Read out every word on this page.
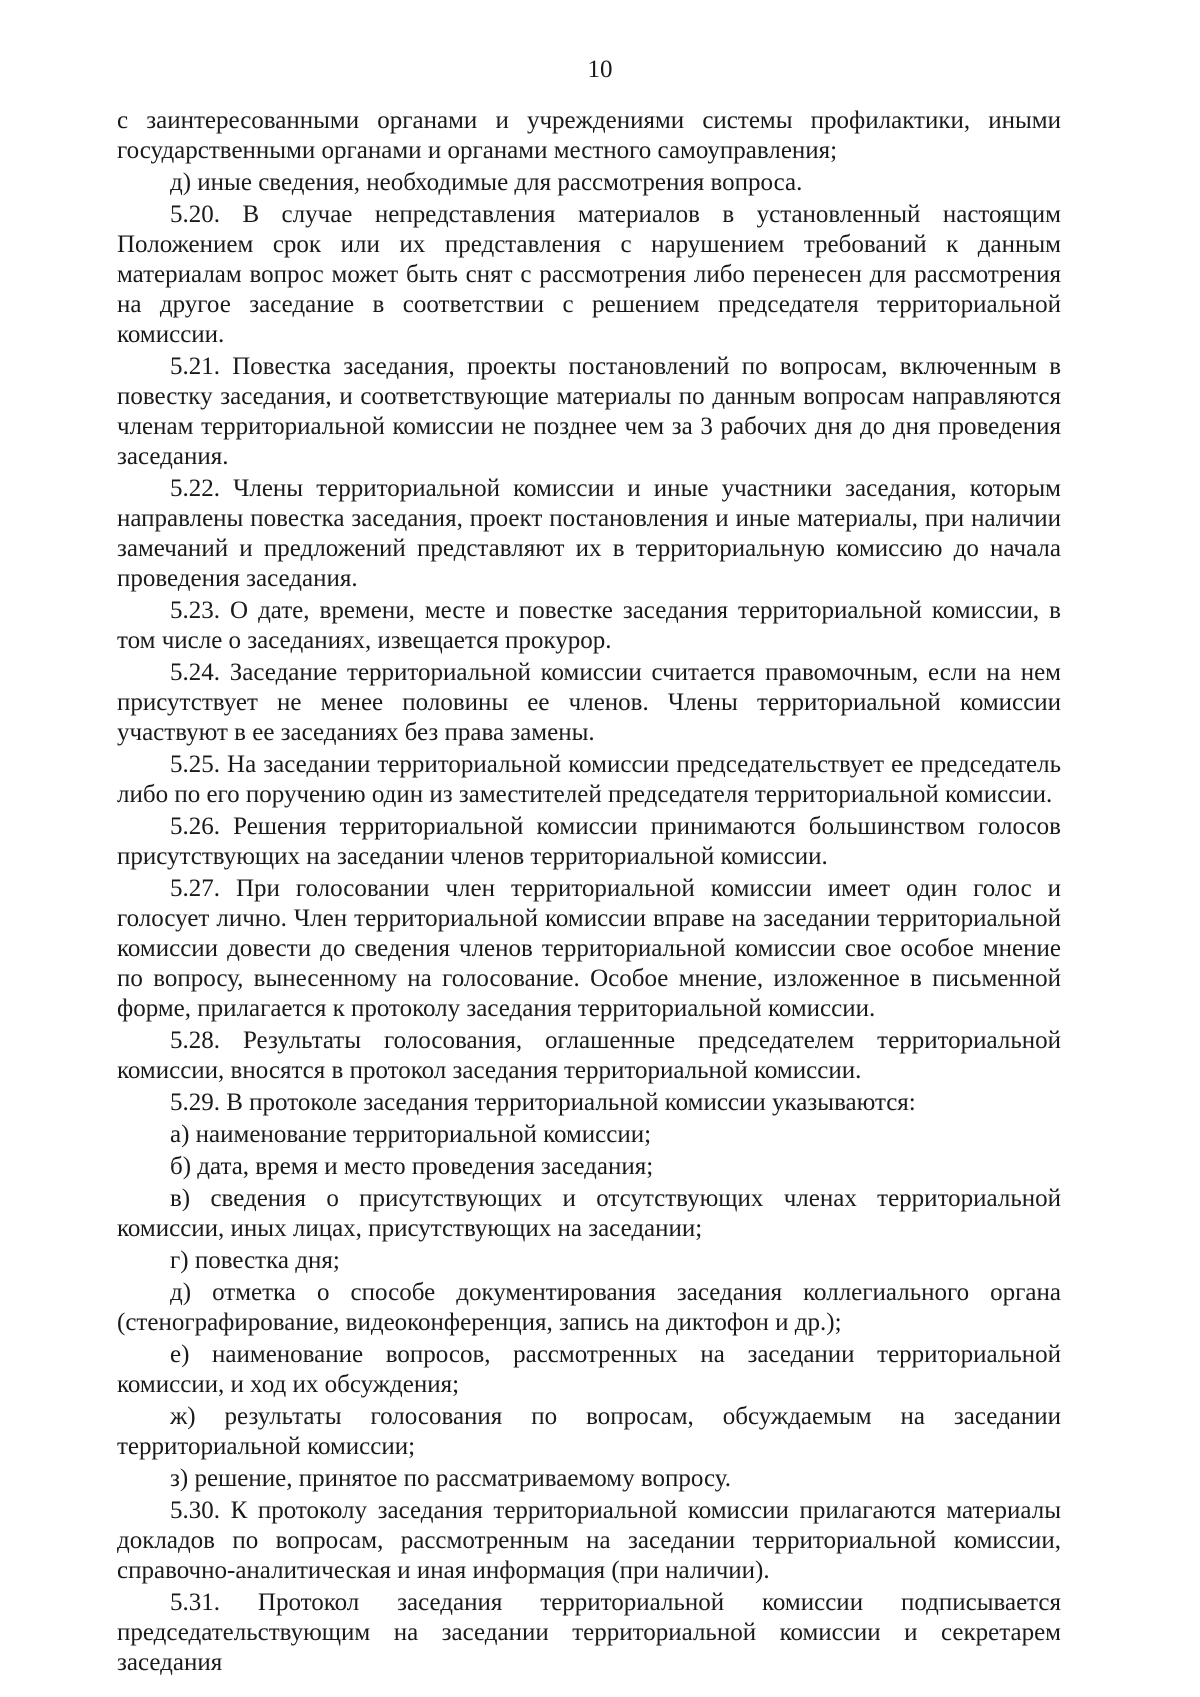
10

с заинтересованными органами и учреждениями системы профилактики, иными государственными органами и органами местного самоуправления;

д) иные сведения, необходимые для рассмотрения вопроса.

5.20. В случае непредставления материалов в установленный настоящим Положением срок или их представления с нарушением требований к данным материалам вопрос может быть снят с рассмотрения либо перенесен для рассмотрения на другое заседание в соответствии с решением председателя территориальной комиссии.

5.21. Повестка заседания, проекты постановлений по вопросам, включенным в повестку заседания, и соответствующие материалы по данным вопросам направляются членам территориальной комиссии не позднее чем за 3 рабочих дня до дня проведения заседания.

5.22. Члены территориальной комиссии и иные участники заседания, которым направлены повестка заседания, проект постановления и иные материалы, при наличии замечаний и предложений представляют их в территориальную комиссию до начала проведения заседания.

5.23. О дате, времени, месте и повестке заседания территориальной комиссии, в том числе о заседаниях, извещается прокурор.

5.24. Заседание территориальной комиссии считается правомочным, если на нем присутствует не менее половины ее членов. Члены территориальной комиссии участвуют в ее заседаниях без права замены.

5.25. На заседании территориальной комиссии председательствует ее председатель либо по его поручению один из заместителей председателя территориальной комиссии.

5.26. Решения территориальной комиссии принимаются большинством голосов присутствующих на заседании членов территориальной комиссии.

5.27. При голосовании член территориальной комиссии имеет один голос и голосует лично. Член территориальной комиссии вправе на заседании территориальной комиссии довести до сведения членов территориальной комиссии свое особое мнение по вопросу, вынесенному на голосование. Особое мнение, изложенное в письменной форме, прилагается к протоколу заседания территориальной комиссии.

5.28. Результаты голосования, оглашенные председателем территориальной комиссии, вносятся в протокол заседания территориальной комиссии.

5.29. В протоколе заседания территориальной комиссии указываются:

а) наименование территориальной комиссии;

б) дата, время и место проведения заседания;

в) сведения о присутствующих и отсутствующих членах территориальной комиссии, иных лицах, присутствующих на заседании;

г) повестка дня;

д) отметка о способе документирования заседания коллегиального органа (стенографирование, видеоконференция, запись на диктофон и др.);

е) наименование вопросов, рассмотренных на заседании территориальной комиссии, и ход их обсуждения;

ж) результаты голосования по вопросам, обсуждаемым на заседании территориальной комиссии;

з) решение, принятое по рассматриваемому вопросу.

5.30. К протоколу заседания территориальной комиссии прилагаются материалы докладов по вопросам, рассмотренным на заседании территориальной комиссии, справочно-аналитическая и иная информация (при наличии).

5.31. Протокол заседания территориальной комиссии подписывается председательствующим на заседании территориальной комиссии и секретарем заседания
